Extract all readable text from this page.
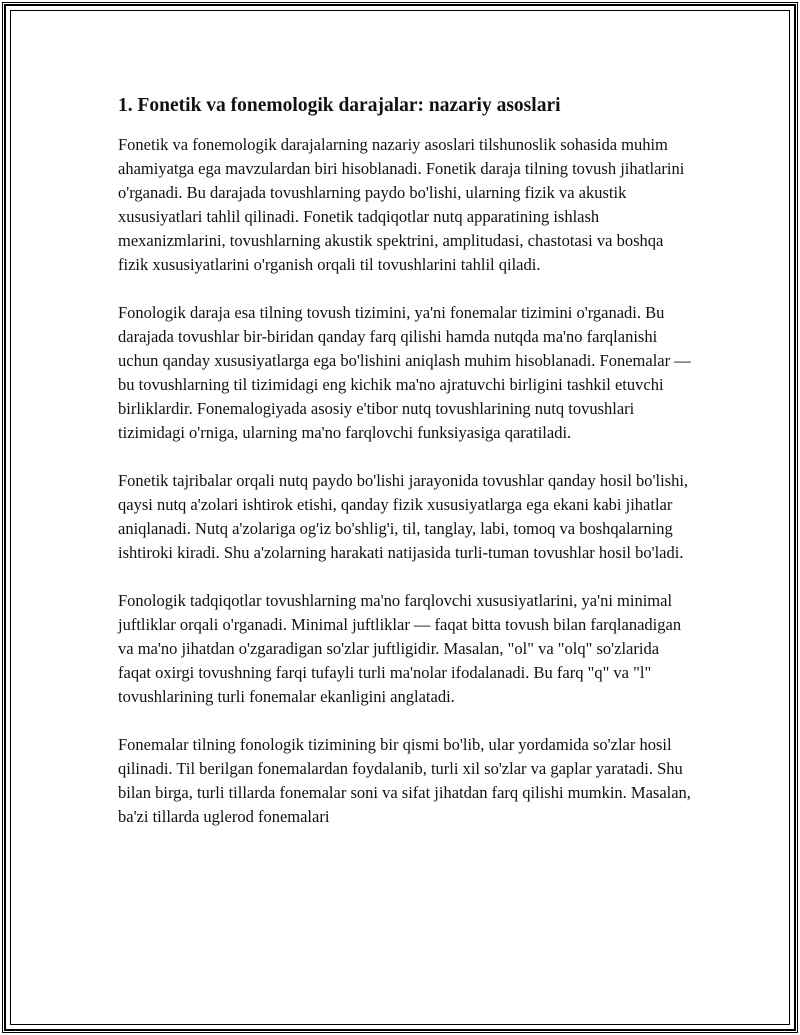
1. Fonetik va fonemologik darajalar: nazariy asoslari

Fonetik va fonemologik darajalarning nazariy asoslari tilshunoslik sohasida muhim ahamiyatga ega mavzulardan biri hisoblanadi. Fonetik daraja tilning tovush jihatlarini o'rganadi. Bu darajada tovushlarning paydo bo'lishi, ularning fizik va akustik xususiyatlari tahlil qilinadi. Fonetik tadqiqotlar nutq apparatining ishlash mexanizmlarini, tovushlarning akustik spektrini, amplitudasi, chastotasi va boshqa fizik xususiyatlarini o'rganish orqali til tovushlarini tahlil qiladi.

Fonologik daraja esa tilning tovush tizimini, ya'ni fonemalar tizimini o'rganadi. Bu darajada tovushlar bir-biridan qanday farq qilishi hamda nutqda ma'no farqlanishi uchun qanday xususiyatlarga ega bo'lishini aniqlash muhim hisoblanadi. Fonemalar — bu tovushlarning til tizimidagi eng kichik ma'no ajratuvchi birligini tashkil etuvchi birliklardir. Fonemalogiyada asosiy e'tibor nutq tovushlarining nutq tovushlari tizimidagi o'rniga, ularning ma'no farqlovchi funksiyasiga qaratiladi.

Fonetik tajribalar orqali nutq paydo bo'lishi jarayonida tovushlar qanday hosil bo'lishi, qaysi nutq a'zolari ishtirok etishi, qanday fizik xususiyatlarga ega ekani kabi jihatlar aniqlanadi. Nutq a'zolariga og'iz bo'shlig'i, til, tanglay, labi, tomoq va boshqalarning ishtiroki kiradi. Shu a'zolarning harakati natijasida turli-tuman tovushlar hosil bo'ladi.

Fonologik tadqiqotlar tovushlarning ma'no farqlovchi xususiyatlarini, ya'ni minimal juftliklar orqali o'rganadi. Minimal juftliklar — faqat bitta tovush bilan farqlanadigan va ma'no jihatdan o'zgaradigan so'zlar juftligidir. Masalan, "ol" va "olq" so'zlarida faqat oxirgi tovushning farqi tufayli turli ma'nolar ifodalanadi. Bu farq "q" va "l" tovushlarining turli fonemalar ekanligini anglatadi.

Fonemalar tilning fonologik tizimining bir qismi bo'lib, ular yordamida so'zlar hosil qilinadi. Til berilgan fonemalardan foydalanib, turli xil so'zlar va gaplar yaratadi. Shu bilan birga, turli tillarda fonemalar soni va sifat jihatdan farq qilishi mumkin. Masalan, ba'zi tillarda uglerod fonemalari
